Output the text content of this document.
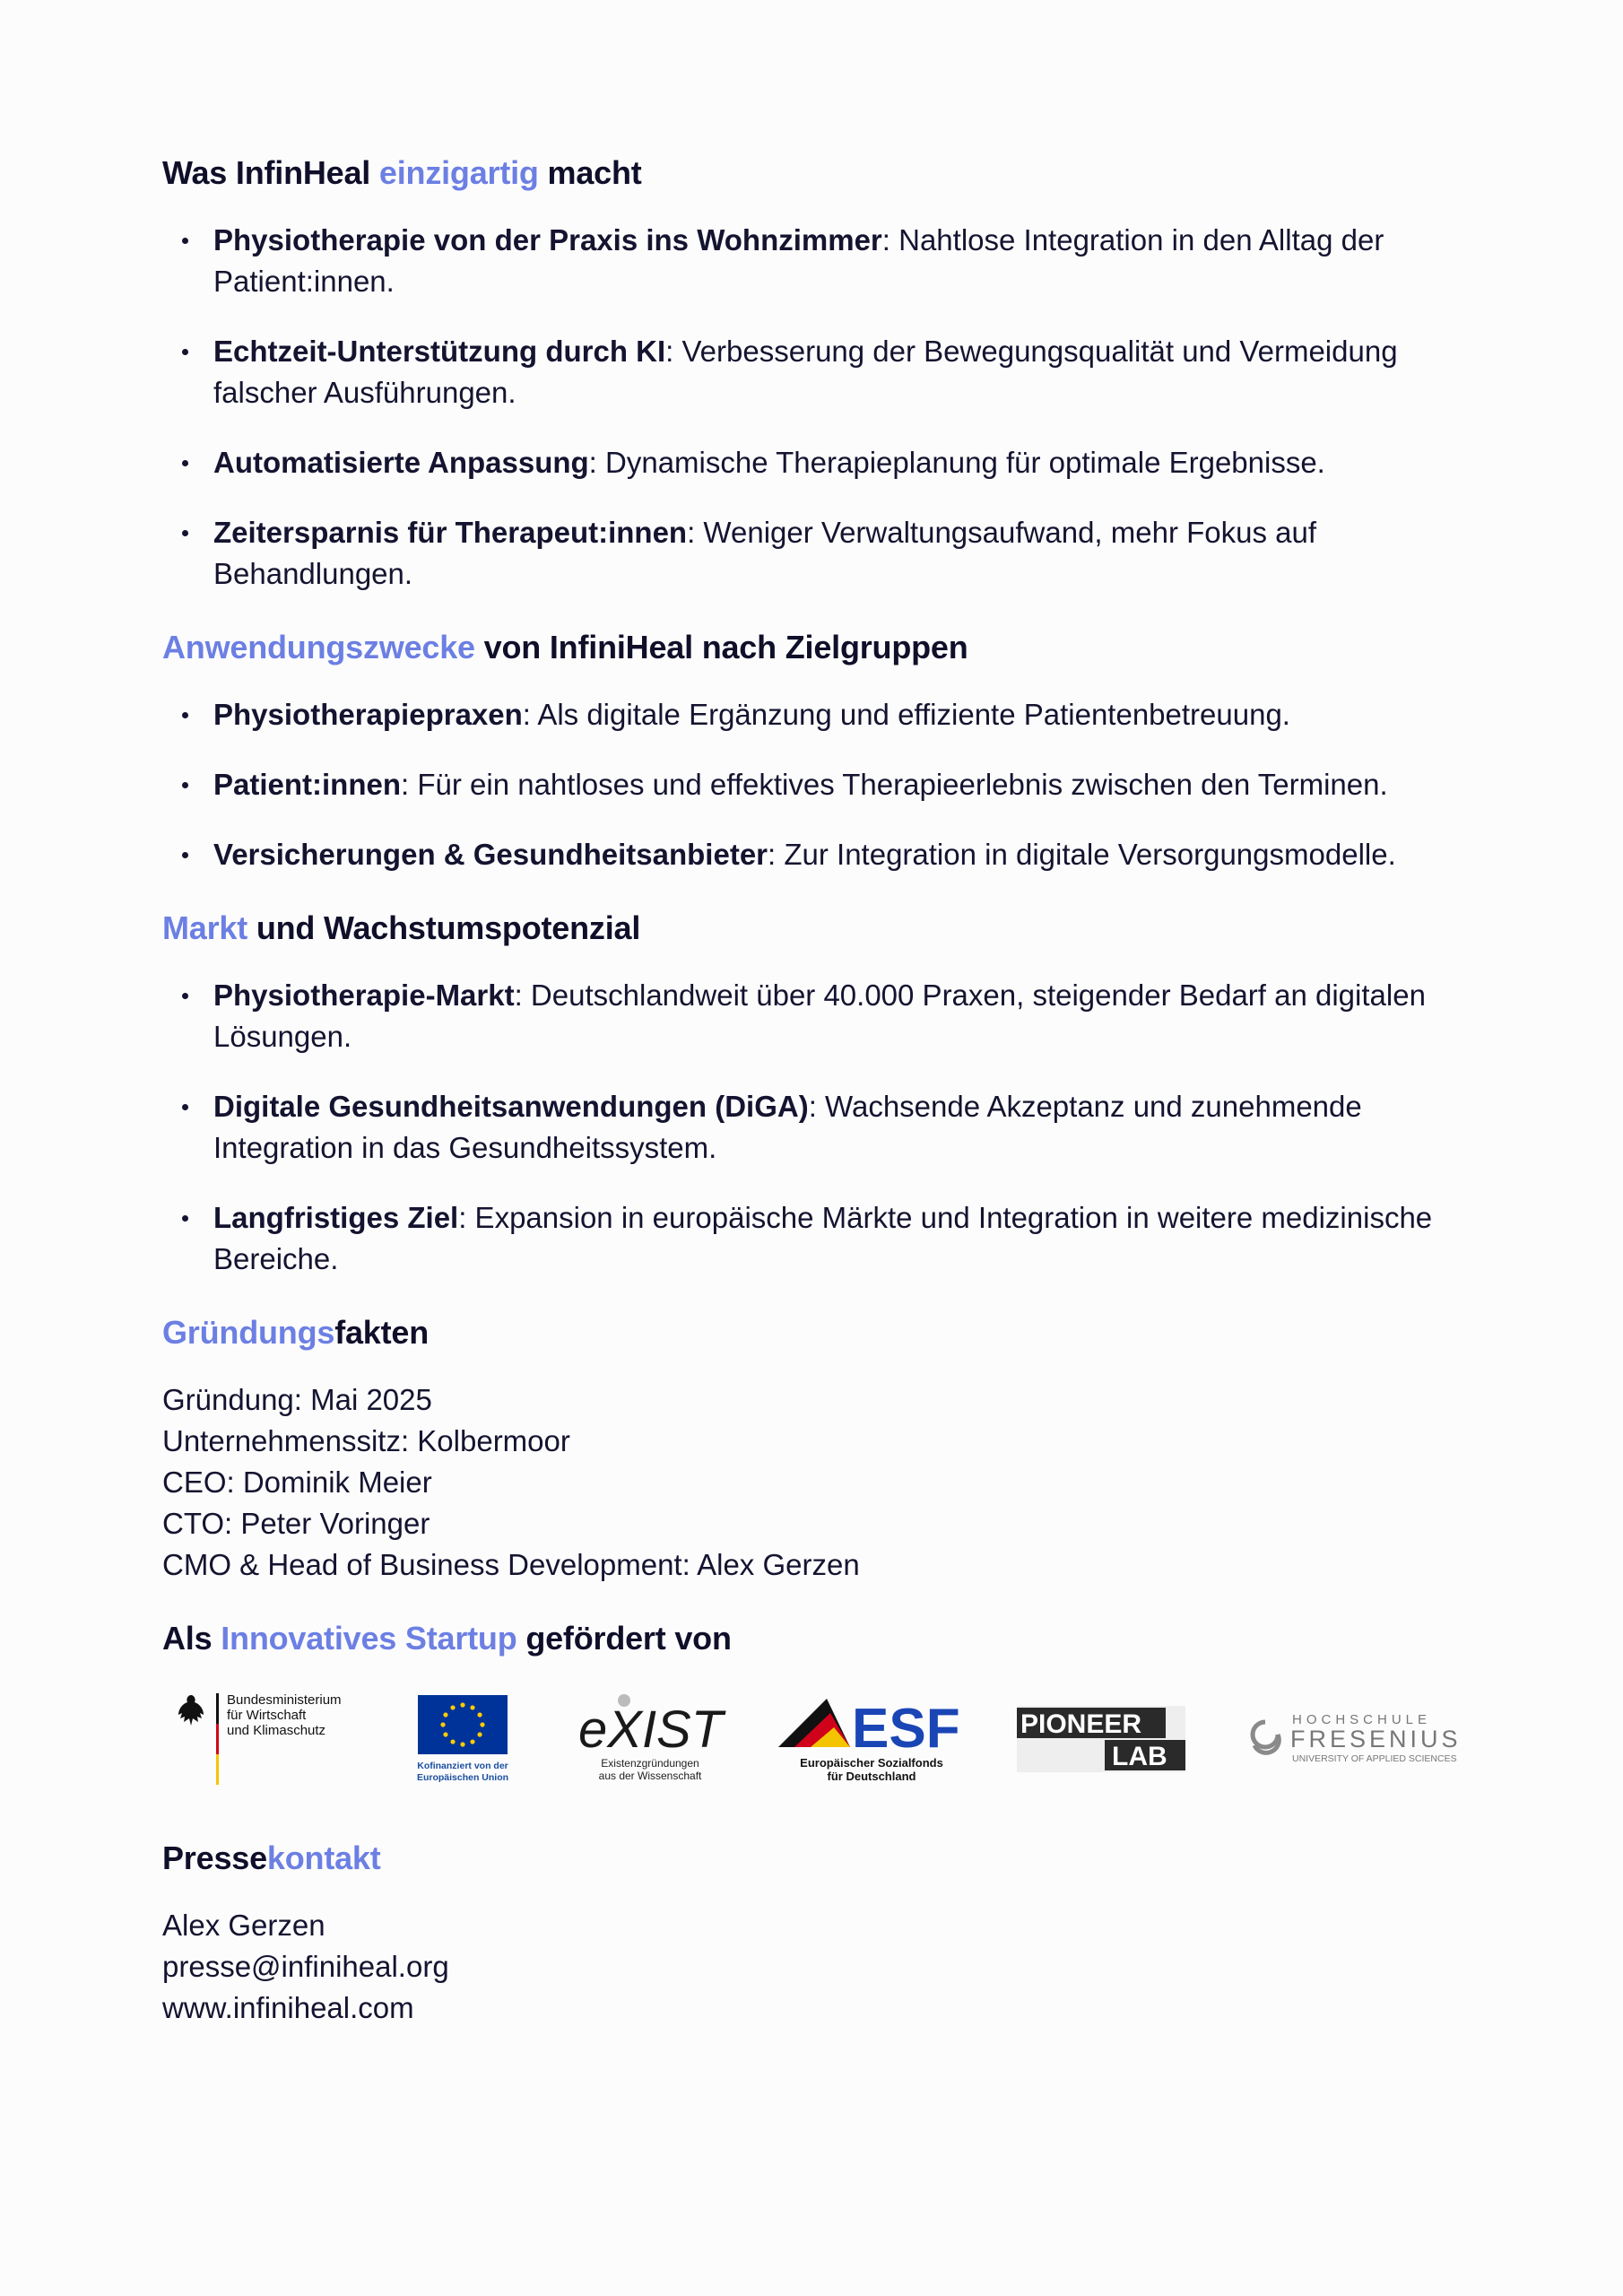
Was InfinHeal einzigartig macht
Physiotherapie von der Praxis ins Wohnzimmer: Nahtlose Integration in den Alltag der Patient:innen.
Echtzeit-Unterstützung durch KI: Verbesserung der Bewegungsqualität und Vermeidung falscher Ausführungen.
Automatisierte Anpassung: Dynamische Therapieplanung für optimale Ergebnisse.
Zeitersparnis für Therapeut:innen: Weniger Verwaltungsaufwand, mehr Fokus auf Behandlungen.
Anwendungszwecke von InfiniHeal nach Zielgruppen
Physiotherapiepraxen: Als digitale Ergänzung und effiziente Patientenbetreuung.
Patient:innen: Für ein nahtloses und effektives Therapieerlebnis zwischen den Terminen.
Versicherungen & Gesundheitsanbieter: Zur Integration in digitale Versorgungsmodelle.
Markt und Wachstumspotenzial
Physiotherapie-Markt: Deutschlandweit über 40.000 Praxen, steigender Bedarf an digitalen Lösungen.
Digitale Gesundheitsanwendungen (DiGA): Wachsende Akzeptanz und zunehmende Integration in das Gesundheitssystem.
Langfristiges Ziel: Expansion in europäische Märkte und Integration in weitere medizinische Bereiche.
Gründungsfakten
Gründung: Mai 2025
Unternehmenssitz: Kolbermoor
CEO: Dominik Meier
CTO: Peter Voringer
CMO & Head of Business Development: Alex Gerzen
Als Innovatives Startup gefördert von
Bundesministerium
für Wirtschaft
und Klimaschutz
Kofinanziert von der
Europäischen Union
eXIST
Existenzgründungen
aus der Wissenschaft
ESF
Europäischer Sozialfonds
für Deutschland
PIONEER
LAB
HOCHSCHULE
FRESENIUS
UNIVERSITY OF APPLIED SCIENCES
Pressekontakt
Alex Gerzen
presse@infiniheal.org
www.infiniheal.com
